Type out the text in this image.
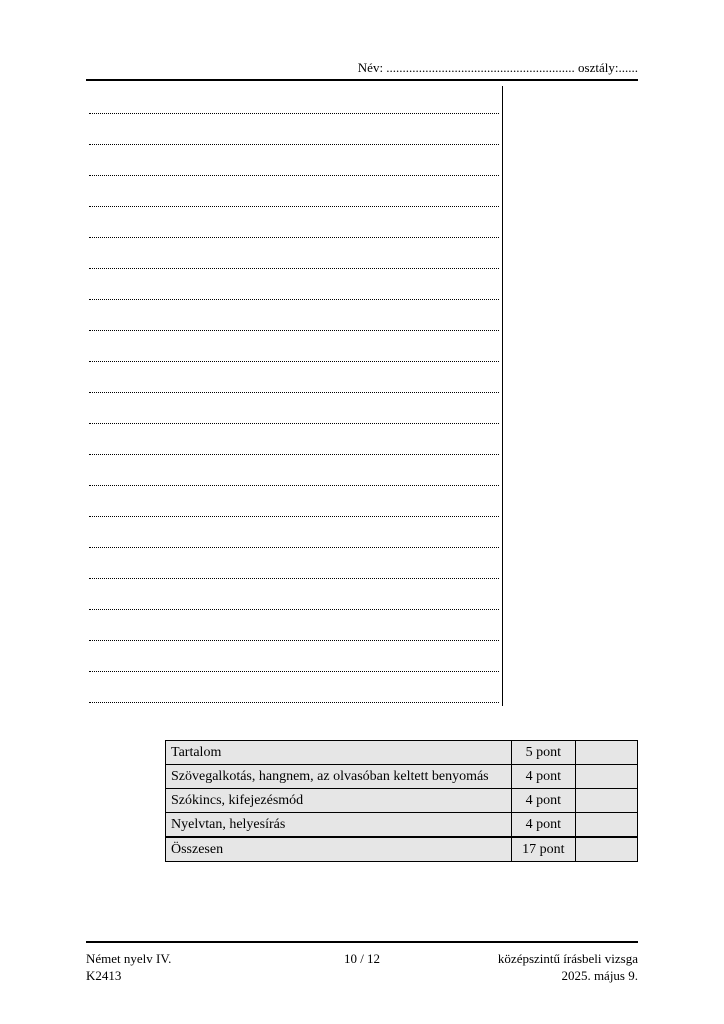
Név: .......................................................... osztály:......
Tartalom	5 pont	
Szövegalkotás, hangnem, az olvasóban keltett benyomás	4 pont	
Szókincs, kifejezésmód	4 pont	
Nyelvtan, helyesírás	4 pont	
Összesen	17 pont	
Német nyelv IV.
K2413
10 / 12	középszintű írásbeli vizsga
2025. május 9.
